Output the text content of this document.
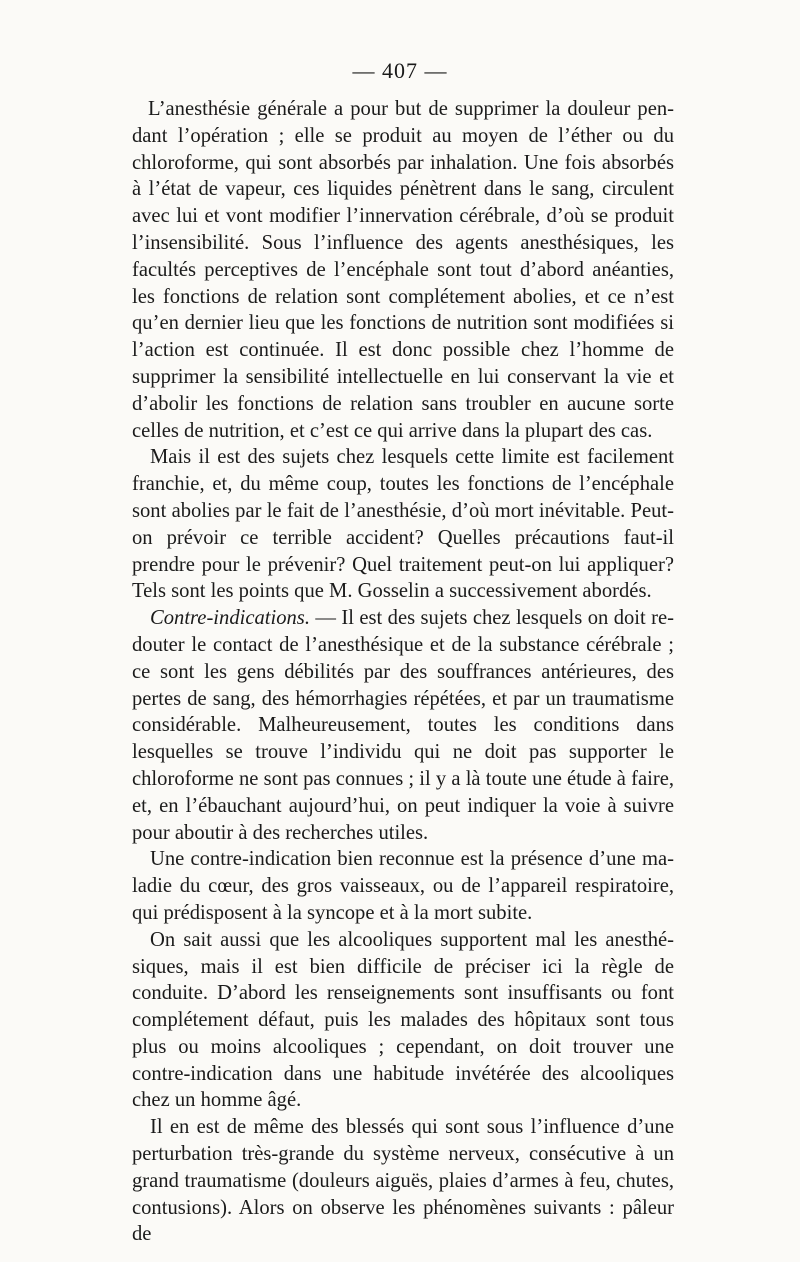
— 407 —

L’anesthésie générale a pour but de supprimer la douleur pendant l’opération ; elle se produit au moyen de l’éther ou du chloroforme, qui sont absorbés par inhalation. Une fois absorbés à l’état de vapeur, ces liquides pénètrent dans le sang, circulent avec lui et vont modifier l’innervation cérébrale, d’où se produit l’insensibilité. Sous l’influence des agents anesthésiques, les facultés perceptives de l’encéphale sont tout d’abord anéanties, les fonctions de relation sont complétement abolies, et ce n’est qu’en dernier lieu que les fonctions de nutrition sont modifiées si l’action est continuée. Il est donc possible chez l’homme de supprimer la sensibilité intellectuelle en lui conservant la vie et d’abolir les fonctions de relation sans troubler en aucune sorte celles de nutrition, et c’est ce qui arrive dans la plupart des cas.

Mais il est des sujets chez lesquels cette limite est facilement franchie, et, du même coup, toutes les fonctions de l’encéphale sont abolies par le fait de l’anesthésie, d’où mort inévitable. Peut-on prévoir ce terrible accident? Quelles précautions faut-il prendre pour le prévenir? Quel traitement peut-on lui appliquer? Tels sont les points que M. Gosselin a successivement abordés.

Contre-indications. — Il est des sujets chez lesquels on doit redouter le contact de l’anesthésique et de la substance cérébrale ; ce sont les gens débilités par des souffrances antérieures, des pertes de sang, des hémorrhagies répétées, et par un traumatisme considérable. Malheureusement, toutes les conditions dans lesquelles se trouve l’individu qui ne doit pas supporter le chloroforme ne sont pas connues ; il y a là toute une étude à faire, et, en l’ébauchant aujourd’hui, on peut indiquer la voie à suivre pour aboutir à des recherches utiles.

Une contre-indication bien reconnue est la présence d’une maladie du cœur, des gros vaisseaux, ou de l’appareil respiratoire, qui prédisposent à la syncope et à la mort subite.

On sait aussi que les alcooliques supportent mal les anesthésiques, mais il est bien difficile de préciser ici la règle de conduite. D’abord les renseignements sont insuffisants ou font complétement défaut, puis les malades des hôpitaux sont tous plus ou moins alcooliques ; cependant, on doit trouver une contre-indication dans une habitude invétérée des alcooliques chez un homme âgé.

Il en est de même des blessés qui sont sous l’influence d’une perturbation très-grande du système nerveux, consécutive à un grand traumatisme (douleurs aiguës, plaies d’armes à feu, chutes, contusions). Alors on observe les phénomènes suivants : pâleur de
